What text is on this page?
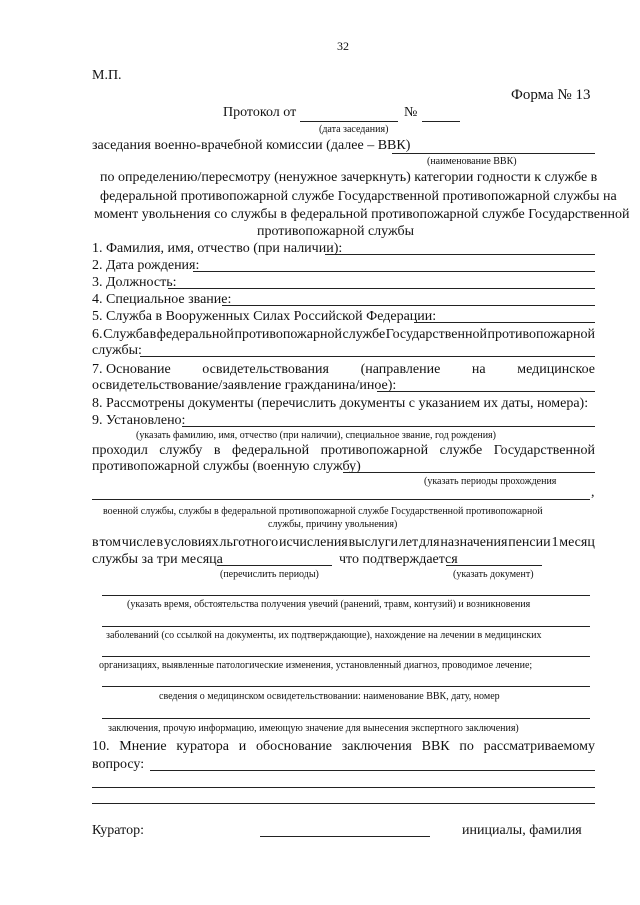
32
М.П.
Форма № 13
Протокол от	№
(дата заседания)
заседания военно-врачебной комиссии (далее – ВВК)
(наименование ВВК)
по определению/пересмотру (ненужное зачеркнуть) категории годности к службе в
федеральной противопожарной службе Государственной противопожарной службы на
момент увольнения со службы в федеральной противопожарной службе Государственной
противопожарной службы
1. Фамилия, имя, отчество (при наличии):
2. Дата рождения:
3. Должность:
4. Специальное звание:
5. Служба в Вооруженных Силах Российской Федерации:
6. Служба в федеральной противопожарной службе Государственной противопожарной
службы:
7. Основание освидетельствования (направление на медицинское
освидетельствование/заявление гражданина/иное):
8. Рассмотрены документы (перечислить документы с указанием их даты, номера):
9. Установлено:
(указать фамилию, имя, отчество (при наличии), специальное звание, год рождения)
проходил службу в федеральной противопожарной службе Государственной
противопожарной службы (военную службу)
(указать периоды прохождения
,
военной службы, службы в федеральной противопожарной службе Государственной противопожарной
службы, причину увольнения)
в том числе в условиях льготного исчисления выслуги лет для назначения пенсии 1 месяц
службы за три месяца	что подтверждается
(перечислить периоды)	(указать документ)
(указать время, обстоятельства получения увечий (ранений, травм, контузий) и возникновения
заболеваний (со ссылкой на документы, их подтверждающие), нахождение на лечении в медицинских
организациях, выявленные патологические изменения, установленный диагноз, проводимое лечение;
сведения о медицинском освидетельствовании: наименование ВВК, дату, номер
заключения, прочую информацию, имеющую значение для вынесения экспертного заключения)
10. Мнение куратора и обоснование заключения ВВК по рассматриваемому
вопросу:
Куратор:	инициалы, фамилия
